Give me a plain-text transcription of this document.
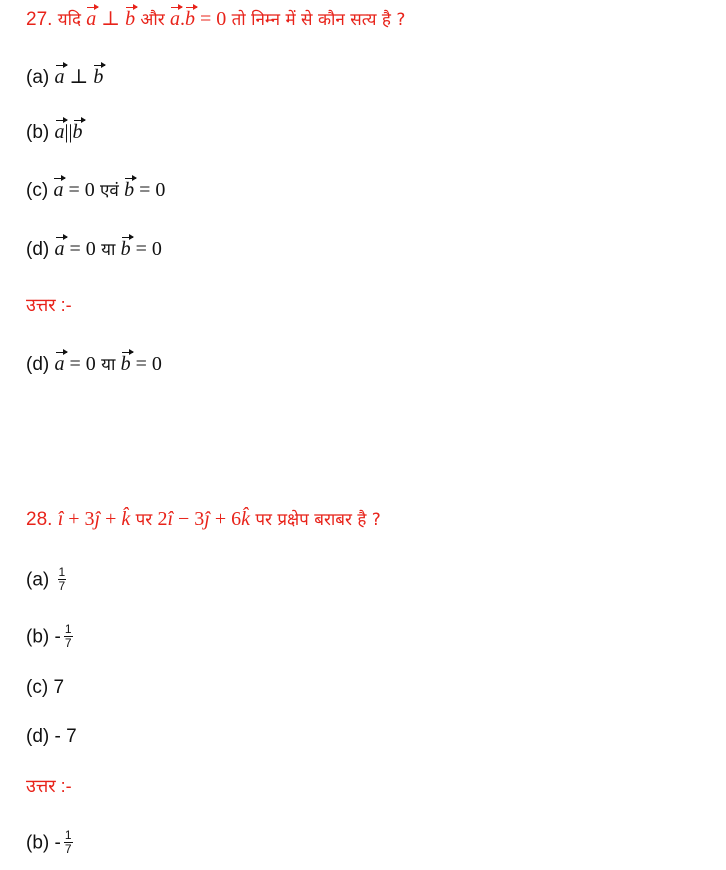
27. यदि a ⊥ b और a.b = 0 तो निम्न में से कौन सत्य है ?
(a) a ⊥ b
(b) a||b
(c) a = 0 एवं b = 0
(d) a = 0 या b = 0
उत्तर :-
(d) a = 0 या b = 0
28. î + 3ĵ + k̂ पर 2î − 3ĵ + 6k̂ पर प्रक्षेप बराबर है ?
$(a) \frac{1}{7}$
$(b) - \frac{1}{7}$
(c) 7
(d) - 7
उत्तर :-
$(b) - \frac{1}{7}$
